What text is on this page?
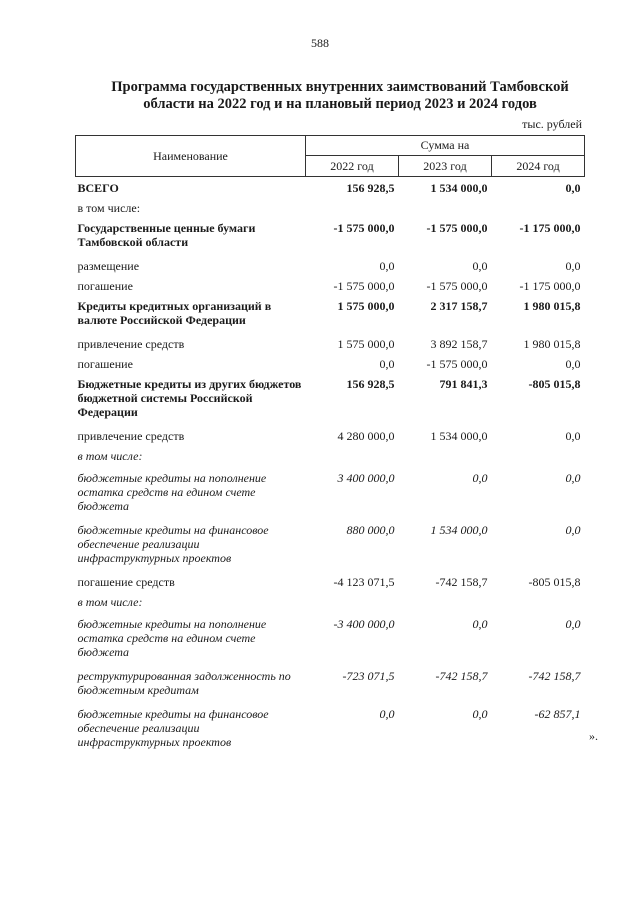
588
Программа государственных внутренних заимствований Тамбовской
области на 2022 год и на плановый период 2023 и 2024 годов
тыс. рублей
Наименование	Сумма на		
	2022 год	2023 год	2024 год
ВСЕГО	156 928,5	1 534 000,0	0,0
в том числе:			
Государственные ценные бумаги Тамбовской области	-1 575 000,0	-1 575 000,0	-1 175 000,0
размещение	0,0	0,0	0,0
погашение	-1 575 000,0	-1 575 000,0	-1 175 000,0
Кредиты кредитных организаций в валюте Российской Федерации	1 575 000,0	2 317 158,7	1 980 015,8
привлечение средств	1 575 000,0	3 892 158,7	1 980 015,8
погашение	0,0	-1 575 000,0	0,0
Бюджетные кредиты из других бюджетов бюджетной системы Российской Федерации	156 928,5	791 841,3	-805 015,8
привлечение средств	4 280 000,0	1 534 000,0	0,0
в том числе:			
бюджетные кредиты на пополнение остатка средств на едином счете бюджета	3 400 000,0	0,0	0,0
бюджетные кредиты на финансовое обеспечение реализации инфраструктурных проектов	880 000,0	1 534 000,0	0,0
погашение средств	-4 123 071,5	-742 158,7	-805 015,8
в том числе:			
бюджетные кредиты на пополнение остатка средств на едином счете бюджета	-3 400 000,0	0,0	0,0
реструктурированная задолженность по бюджетным кредитам	-723 071,5	-742 158,7	-742 158,7
бюджетные кредиты на финансовое обеспечение реализации инфраструктурных проектов	0,0	0,0	-62 857,1
».
